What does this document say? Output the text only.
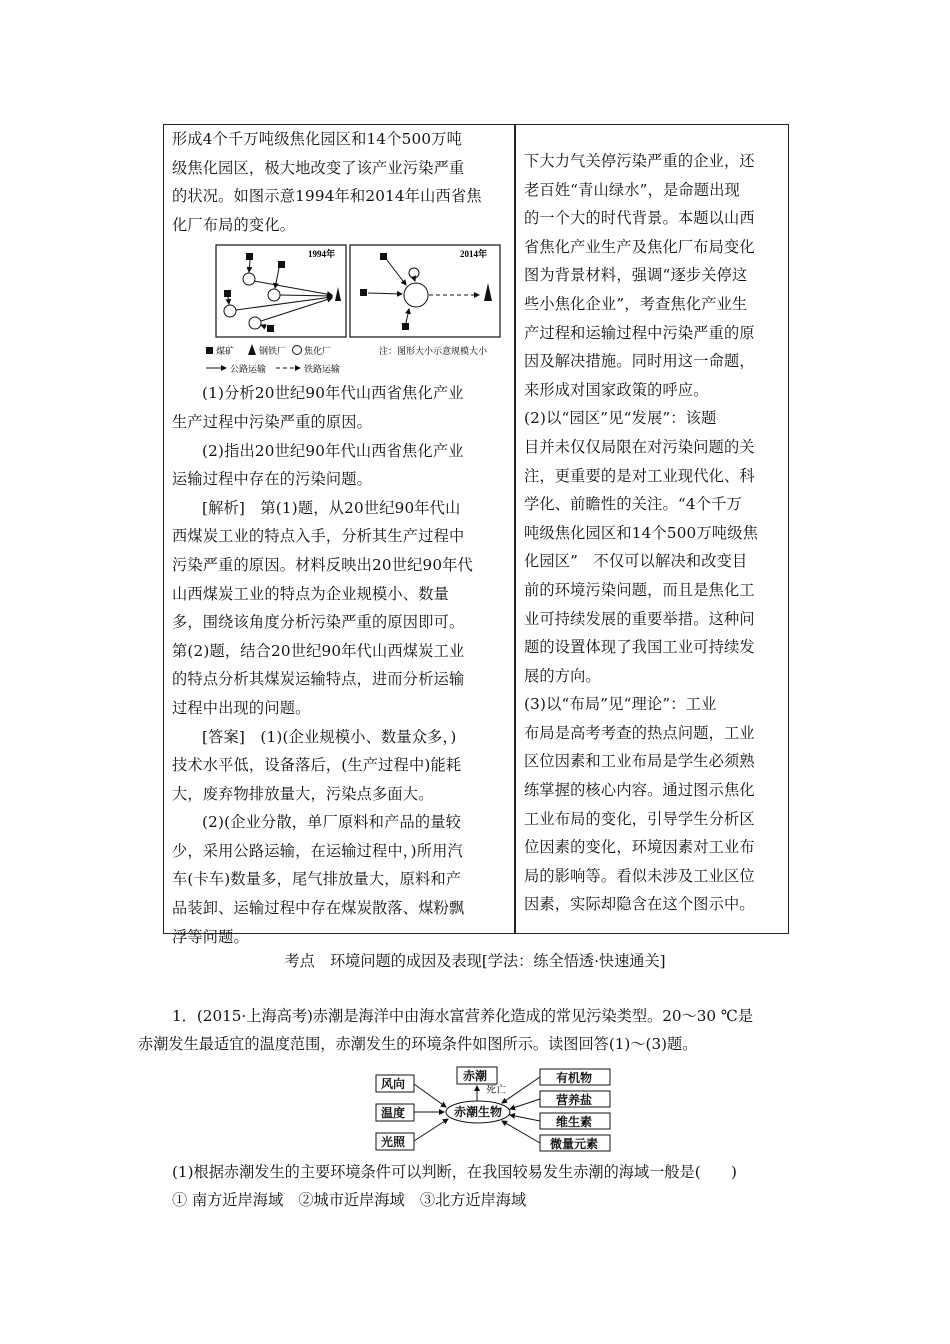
形成4个千万吨级焦化园区和14个500万吨
级焦化园区，极大地改变了该产业污染严重
的状况。如图示意1994年和2014年山西省焦
化厂布局的变化。
1994年	2014年
煤矿	钢铁厂 焦化厂	注：图形大小示意规模大小
公路运输	铁路运输
(1)分析20世纪90年代山西省焦化产业
生产过程中污染严重的原因。
(2)指出20世纪90年代山西省焦化产业
运输过程中存在的污染问题。
[解析]　第(1)题，从20世纪90年代山
西煤炭工业的特点入手，分析其生产过程中
污染严重的原因。材料反映出20世纪90年代
山西煤炭工业的特点为企业规模小、数量
多，围绕该角度分析污染严重的原因即可。
第(2)题，结合20世纪90年代山西煤炭工业
的特点分析其煤炭运输特点，进而分析运输
过程中出现的问题。
[答案]　(1)(企业规模小、数量众多，)
技术水平低，设备落后，(生产过程中)能耗
大，废弃物排放量大，污染点多面大。
(2)(企业分散，单厂原料和产品的量较
少，采用公路运输，在运输过程中，)所用汽
车(卡车)数量多，尾气排放量大，原料和产
品装卸、运输过程中存在煤炭散落、煤粉飘
浮等问题。
下大力气关停污染严重的企业，还
老百姓“青山绿水”，是命题出现
的一个大的时代背景。本题以山西
省焦化产业生产及焦化厂布局变化
图为背景材料，强调“逐步关停这
些小焦化企业”，考查焦化产业生
产过程和运输过程中污染严重的原
因及解决措施。同时用这一命题，
来形成对国家政策的呼应。
(2)以“园区”见“发展”：该题
目并未仅仅局限在对污染问题的关
注，更重要的是对工业现代化、科
学化、前瞻性的关注。“4个千万
吨级焦化园区和14个500万吨级焦
化园区”　不仅可以解决和改变目
前的环境污染问题，而且是焦化工
业可持续发展的重要举措。这种问
题的设置体现了我国工业可持续发
展的方向。
(3)以“布局”见“理论”：工业
布局是高考考查的热点问题，工业
区位因素和工业布局是学生必须熟
练掌握的核心内容。通过图示焦化
工业布局的变化，引导学生分析区
位因素的变化，环境因素对工业布
局的影响等。看似未涉及工业区位
因素，实际却隐含在这个图示中。
考点　环境问题的成因及表现[学法：练全悟透·快速通关]
1．(2015·上海高考)赤潮是海洋中由海水富营养化造成的常见污染类型。20～30 ℃是
赤潮发生最适宜的温度范围，赤潮发生的环境条件如图所示。读图回答(1)～(3)题。
风向
温度
光照
赤潮
死亡
赤潮生物
有机物
营养盐
维生素
微量元素
(1)根据赤潮发生的主要环境条件可以判断，在我国较易发生赤潮的海域一般是(　　)
① 南方近岸海域　②城市近岸海域　③北方近岸海域
